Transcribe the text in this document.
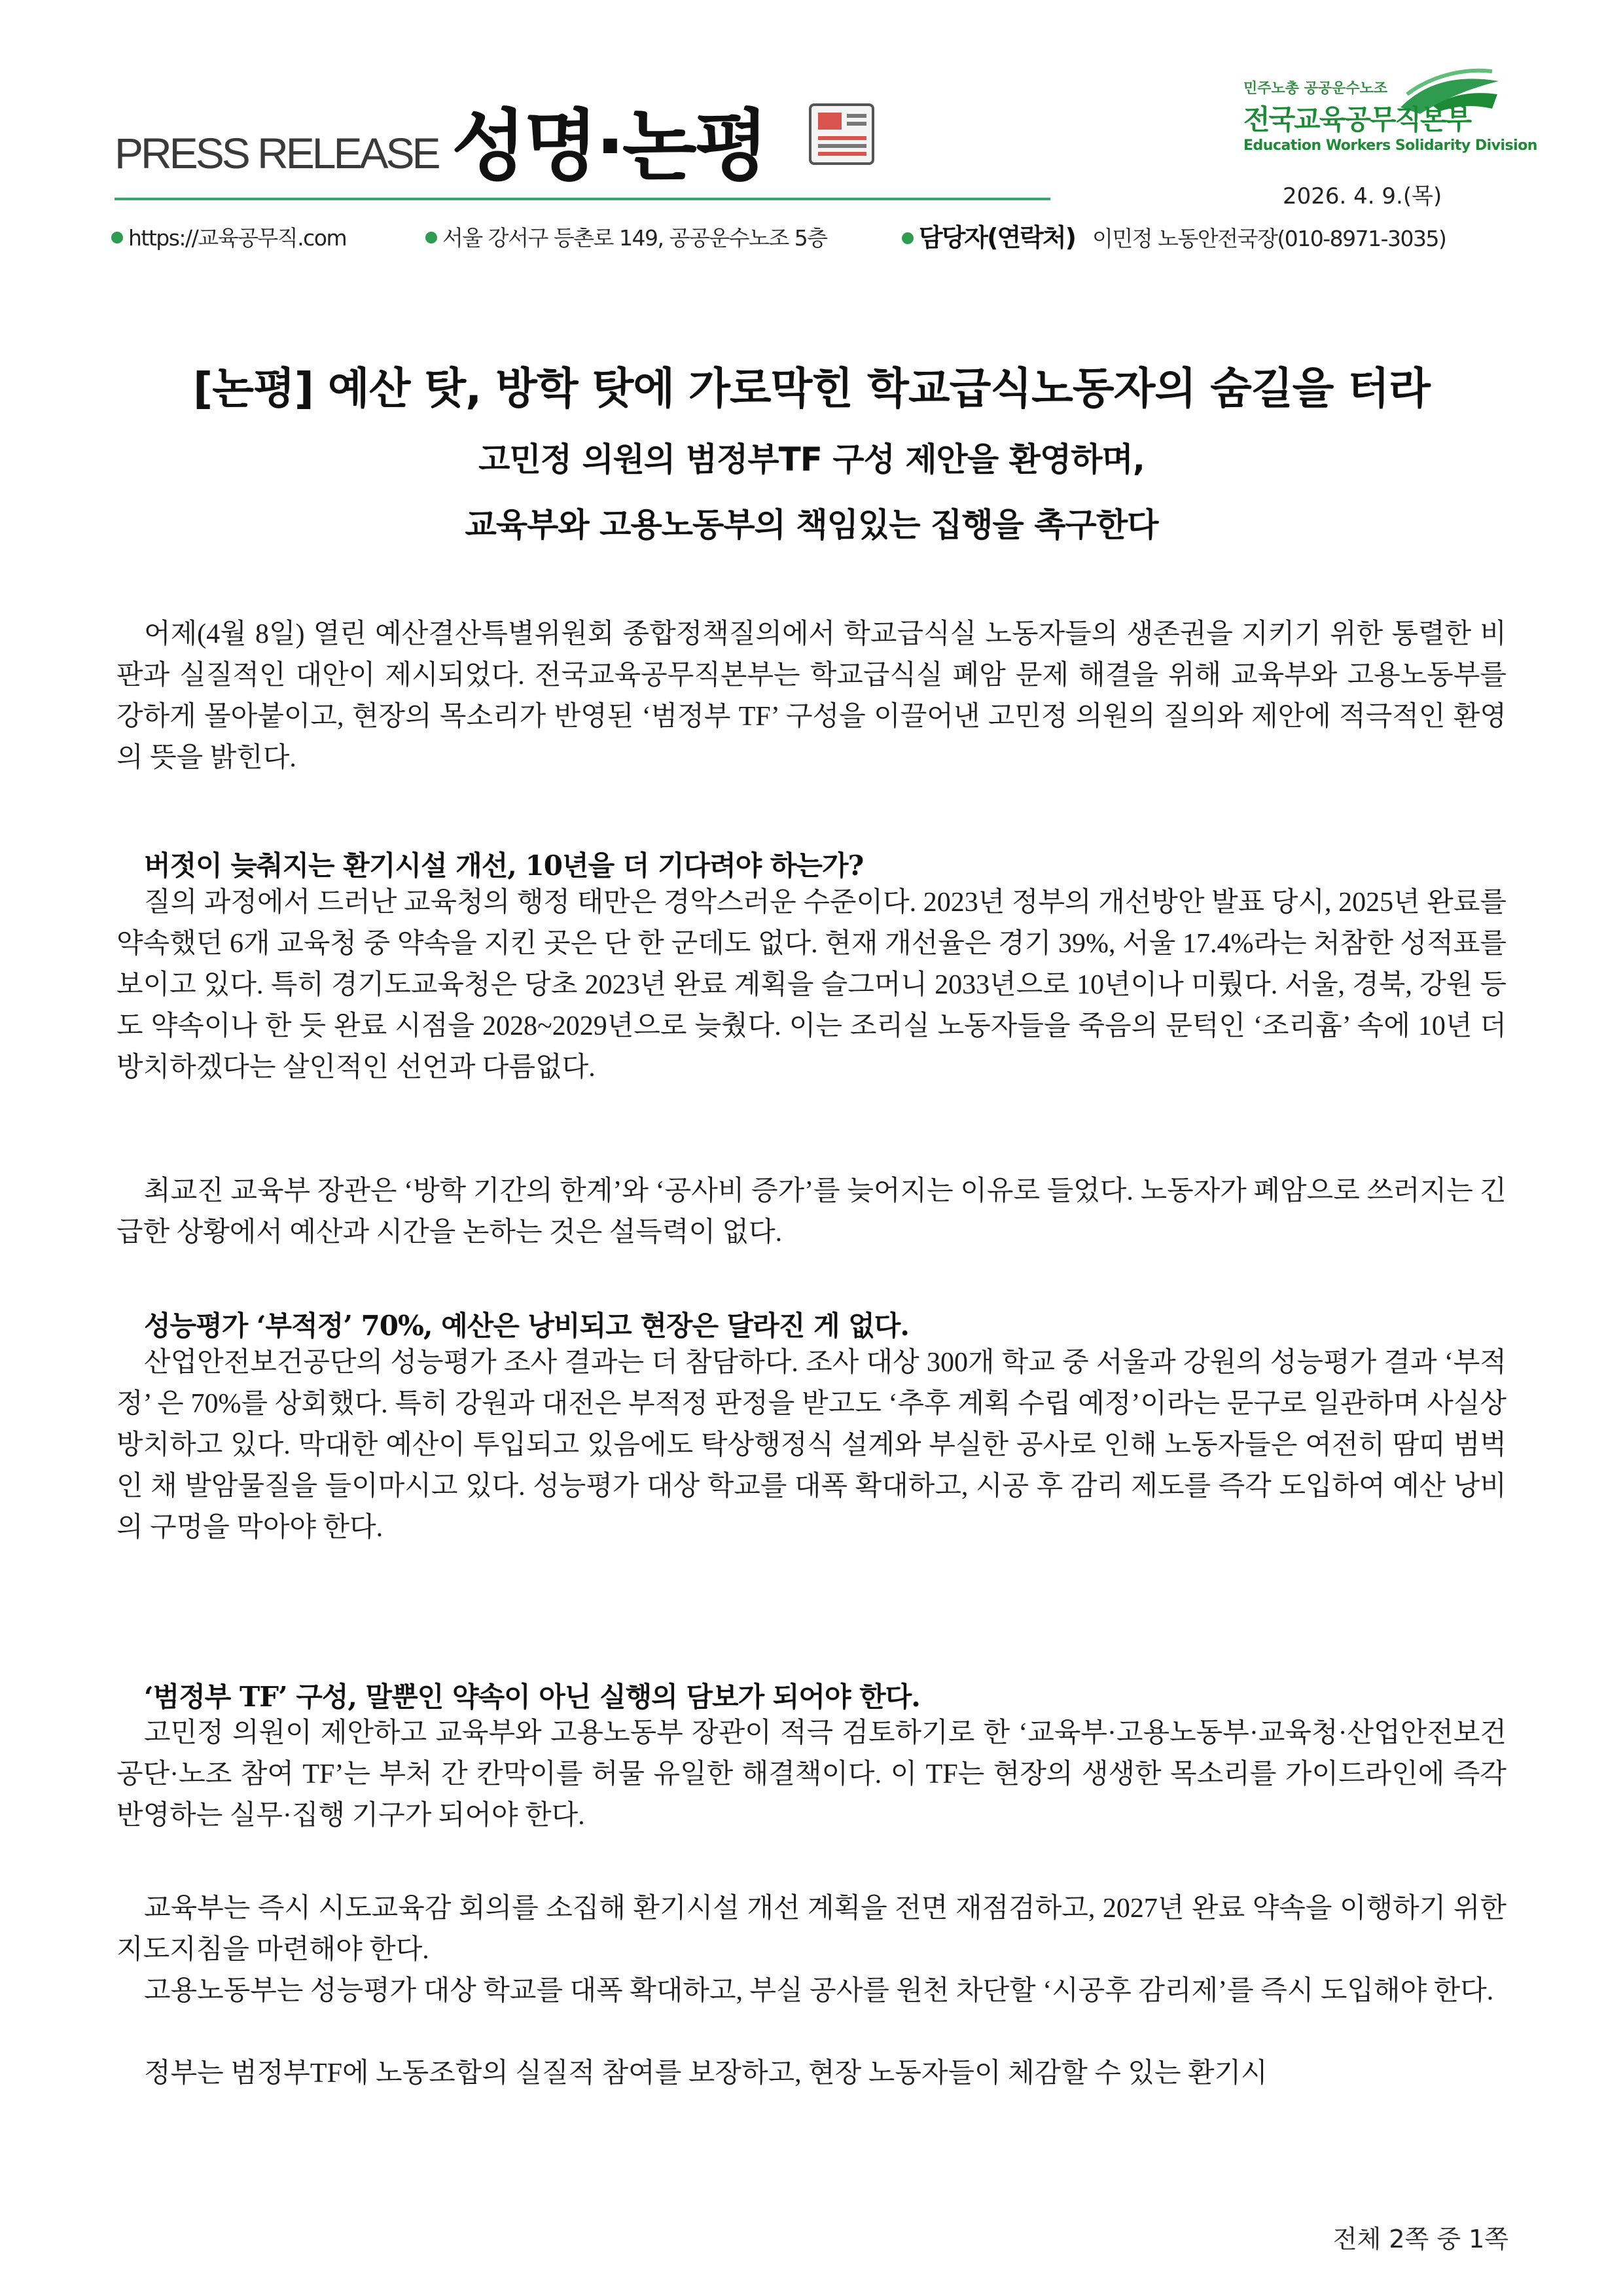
PRESS RELEASE 성명·논평
민주노총 공공운수노조
전국교육공무직본부
Education Workers Solidarity Division
2026. 4. 9.(목)
https://교육공무직.com	서울 강서구 등촌로 149, 공공운수노조 5층	담당자(연락처) 이민정 노동안전국장(010-8971-3035)
[논평] 예산 탓, 방학 탓에 가로막힌 학교급식노동자의 숨길을 터라
고민정 의원의 범정부TF 구성 제안을 환영하며,
교육부와 고용노동부의 책임있는 집행을 촉구한다

어제(4월 8일) 열린 예산결산특별위원회 종합정책질의에서 학교급식실 노동자들의 생존권을 지키기 위한 통렬한 비판과 실질적인 대안이 제시되었다. 전국교육공무직본부는 학교급식실 폐암 문제 해결을 위해 교육부와 고용노동부를 강하게 몰아붙이고, 현장의 목소리가 반영된 ‘범정부 TF’ 구성을 이끌어낸 고민정 의원의 질의와 제안에 적극적인 환영의 뜻을 밝힌다.

버젓이 늦춰지는 환기시설 개선, 10년을 더 기다려야 하는가?

질의 과정에서 드러난 교육청의 행정 태만은 경악스러운 수준이다. 2023년 정부의 개선방안 발표 당시, 2025년 완료를 약속했던 6개 교육청 중 약속을 지킨 곳은 단 한 군데도 없다. 현재 개선율은 경기 39%, 서울 17.4%라는 처참한 성적표를 보이고 있다. 특히 경기도교육청은 당초 2023년 완료 계획을 슬그머니 2033년으로 10년이나 미뤘다. 서울, 경북, 강원 등도 약속이나 한 듯 완료 시점을 2028~2029년으로 늦췄다. 이는 조리실 노동자들을 죽음의 문턱인 ‘조리흄’ 속에 10년 더 방치하겠다는 살인적인 선언과 다름없다.

최교진 교육부 장관은 ‘방학 기간의 한계’와 ‘공사비 증가’를 늦어지는 이유로 들었다. 노동자가 폐암으로 쓰러지는 긴급한 상황에서 예산과 시간을 논하는 것은 설득력이 없다.

성능평가 ‘부적정’ 70%, 예산은 낭비되고 현장은 달라진 게 없다.

산업안전보건공단의 성능평가 조사 결과는 더 참담하다. 조사 대상 300개 학교 중 서울과 강원의 성능평가 결과 ‘부적정’ 은 70%를 상회했다. 특히 강원과 대전은 부적정 판정을 받고도 ‘추후 계획 수립 예정’이라는 문구로 일관하며 사실상 방치하고 있다. 막대한 예산이 투입되고 있음에도 탁상행정식 설계와 부실한 공사로 인해 노동자들은 여전히 땀띠 범벅인 채 발암물질을 들이마시고 있다. 성능평가 대상 학교를 대폭 확대하고, 시공 후 감리 제도를 즉각 도입하여 예산 낭비의 구멍을 막아야 한다.

‘범정부 TF’ 구성, 말뿐인 약속이 아닌 실행의 담보가 되어야 한다.

고민정 의원이 제안하고 교육부와 고용노동부 장관이 적극 검토하기로 한 ‘교육부·고용노동부·교육청·산업안전보건공단·노조 참여 TF’는 부처 간 칸막이를 허물 유일한 해결책이다. 이 TF는 현장의 생생한 목소리를 가이드라인에 즉각 반영하는 실무·집행 기구가 되어야 한다.

교육부는 즉시 시도교육감 회의를 소집해 환기시설 개선 계획을 전면 재점검하고, 2027년 완료 약속을 이행하기 위한 지도지침을 마련해야 한다.

고용노동부는 성능평가 대상 학교를 대폭 확대하고, 부실 공사를 원천 차단할 ‘시공후 감리제’를 즉시 도입해야 한다.

정부는 범정부TF에 노동조합의 실질적 참여를 보장하고, 현장 노동자들이 체감할 수 있는 환기시

전체 2쪽 중 1쪽
